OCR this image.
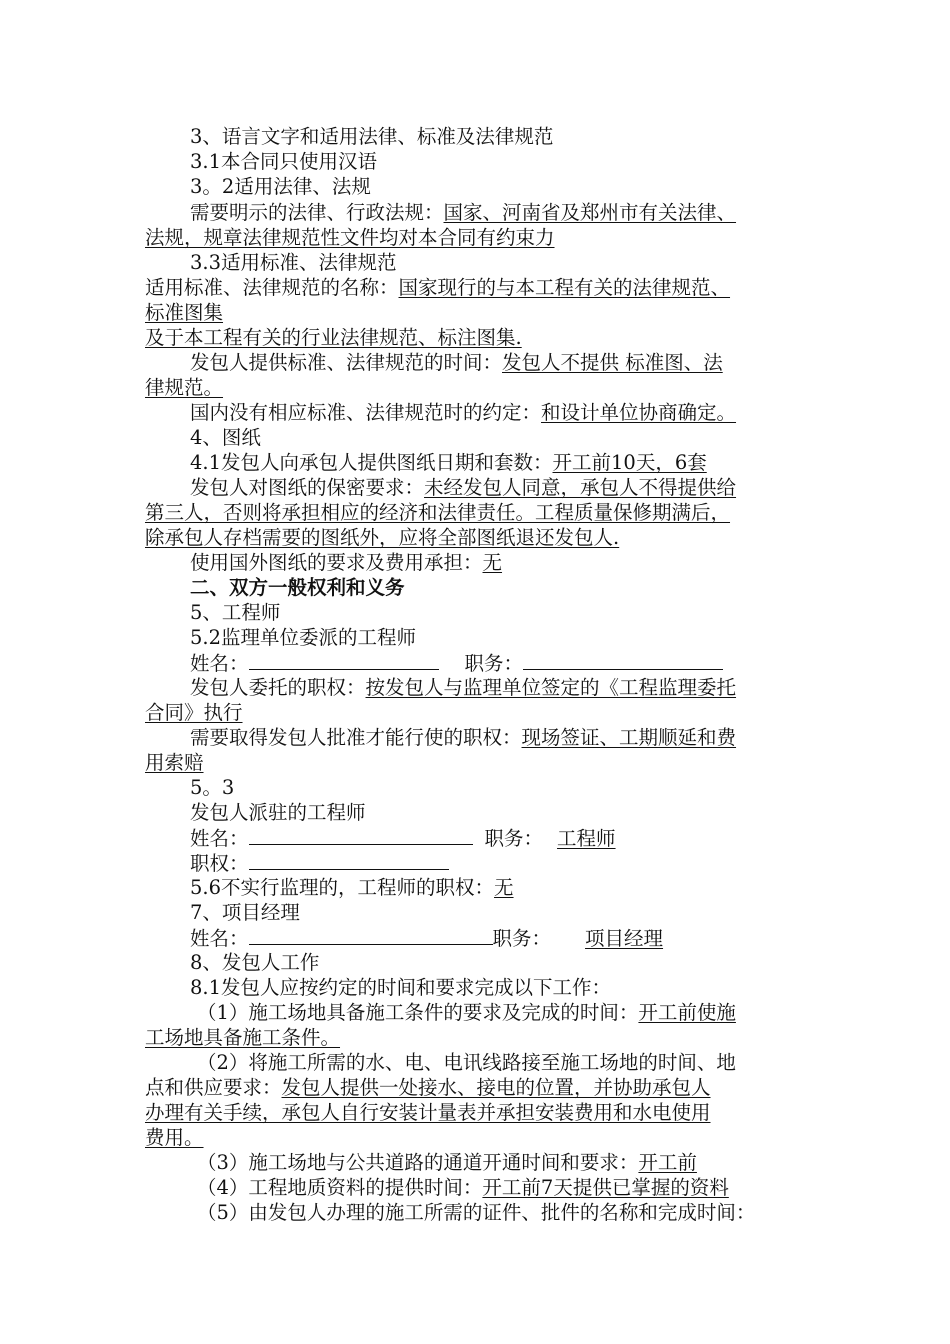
3、语言文字和适用法律、标准及法律规范
3.1本合同只使用汉语
3。2适用法律、法规
需要明示的法律、行政法规：国家、河南省及郑州市有关法律、
法规，规章法律规范性文件均对本合同有约束力
3.3适用标准、法律规范
适用标准、法律规范的名称：国家现行的与本工程有关的法律规范、
标准图集
及于本工程有关的行业法律规范、标注图集.
发包人提供标准、法律规范的时间：发包人不提供 标准图、法
律规范。
国内没有相应标准、法律规范时的约定：和设计单位协商确定。
4、图纸
4.1发包人向承包人提供图纸日期和套数：开工前10天，6套
发包人对图纸的保密要求：未经发包人同意，承包人不得提供给
第三人，否则将承担相应的经济和法律责任。工程质量保修期满后，
除承包人存档需要的图纸外，应将全部图纸退还发包人.
使用国外图纸的要求及费用承担：无
二、双方一般权利和义务
5、工程师
5.2监理单位委派的工程师
姓名：	职务：
发包人委托的职权：按发包人与监理单位签定的《工程监理委托
合同》执行
需要取得发包人批准才能行使的职权：现场签证、工期顺延和费
用索赔
5。3
发包人派驻的工程师
姓名：	职务： 工程师
职权：
5.6不实行监理的，工程师的职权：无
7、项目经理
姓名：	职务： 项目经理
8、发包人工作
8.1发包人应按约定的时间和要求完成以下工作：
（1）施工场地具备施工条件的要求及完成的时间：开工前使施
工场地具备施工条件。
（2）将施工所需的水、电、电讯线路接至施工场地的时间、地
点和供应要求：发包人提供一处接水、接电的位置，并协助承包人
办理有关手续，承包人自行安装计量表并承担安装费用和水电使用
费用。
（3）施工场地与公共道路的通道开通时间和要求：开工前
（4）工程地质资料的提供时间：开工前7天提供已掌握的资料
（5）由发包人办理的施工所需的证件、批件的名称和完成时间：
